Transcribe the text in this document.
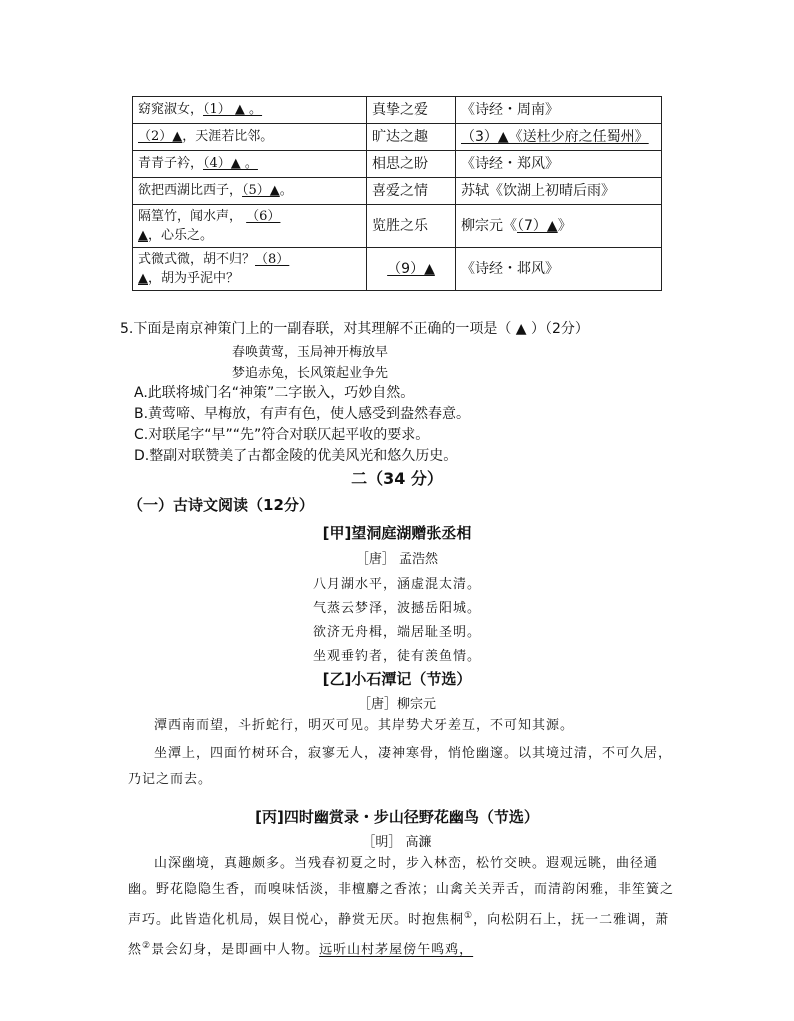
窈窕淑女，（1） ▲ 。	真挚之爱	《诗经・周南》
（2）▲，天涯若比邻。	旷达之趣	（3）▲《送杜少府之任蜀州》
青青子衿，（4）▲ 。	相思之盼	《诗经・郑风》
欲把西湖比西子，（5）▲。	喜爱之情	苏轼《饮湖上初晴后雨》
隔篁竹，闻水声， （6）
▲，心乐之。	览胜之乐	柳宗元《（7）▲》
式微式微，胡不归？（8）
▲，胡为乎泥中？	（9）▲	《诗经・邶风》
5.下面是南京神策门上的一副春联，对其理解不正确的一项是（ ▲ ）（2分）
春唤黄莺，玉局神开梅放早
梦追赤兔，长风策起业争先
A.此联将城门名“神策”二字嵌入，巧妙自然。
B.黄莺啼、早梅放，有声有色，使人感受到盎然春意。
C.对联尾字“早”“先”符合对联仄起平收的要求。
D.整副对联赞美了古都金陵的优美风光和悠久历史。
二（34 分）
（一）古诗文阅读（12分）
[甲]望洞庭湖赠张丞相
［唐］ 孟浩然
八月湖水平，涵虚混太清。
气蒸云梦泽，波撼岳阳城。
欲济无舟楫，端居耻圣明。
坐观垂钓者，徒有羡鱼情。
[乙]小石潭记（节选）
［唐］柳宗元
潭西南而望，斗折蛇行，明灭可见。其岸势犬牙差互，不可知其源。
坐潭上，四面竹树环合，寂寥无人，凄神寒骨，悄怆幽邃。以其境过清，不可久居，乃记之而去。
[丙]四时幽赏录・步山径野花幽鸟（节选）
［明］ 高濂
山深幽境，真趣颇多。当残春初夏之时，步入林峦，松竹交映。遐观远眺，曲径通幽。野花隐隐生香，而嗅味恬淡，非檀麝之香浓；山禽关关弄舌，而清韵闲雅，非笙簧之声巧。此皆造化机局，娱目悦心，静赏无厌。时抱焦桐①，向松阴石上，抚一二雅调，萧然②景会幻身，是即画中人物。远听山村茅屋傍午鸣鸡，
